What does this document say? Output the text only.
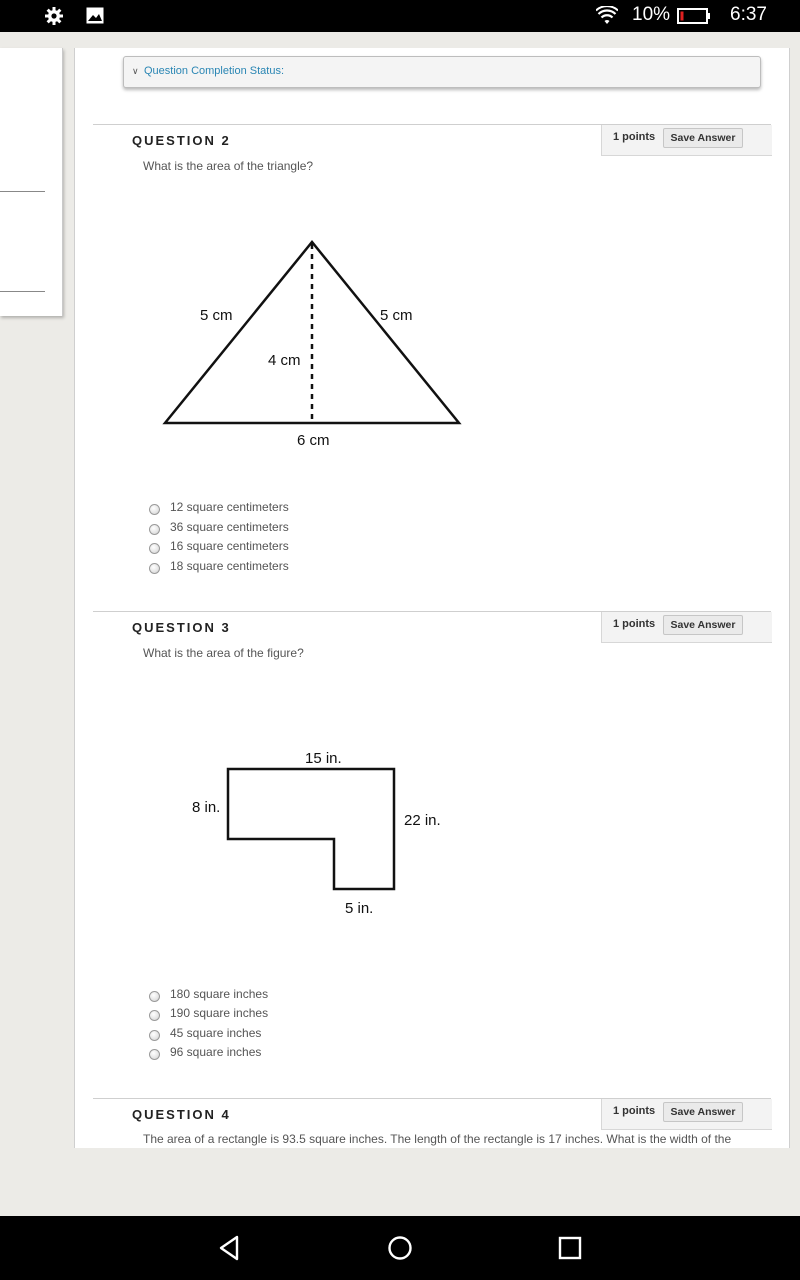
10%	6:37
∨ Question Completion Status:
QUESTION 2	1 points	Save Answer
What is the area of the triangle?
5 cm	5 cm
4 cm
6 cm
12 square centimeters
36 square centimeters
16 square centimeters
18 square centimeters
QUESTION 3	1 points	Save Answer
What is the area of the figure?
15 in.
8 in.
22 in.
5 in.
180 square inches
190 square inches
45 square inches
96 square inches
QUESTION 4	1 points	Save Answer
The area of a rectangle is 93.5 square inches. The length of the rectangle is 17 inches. What is the width of the
